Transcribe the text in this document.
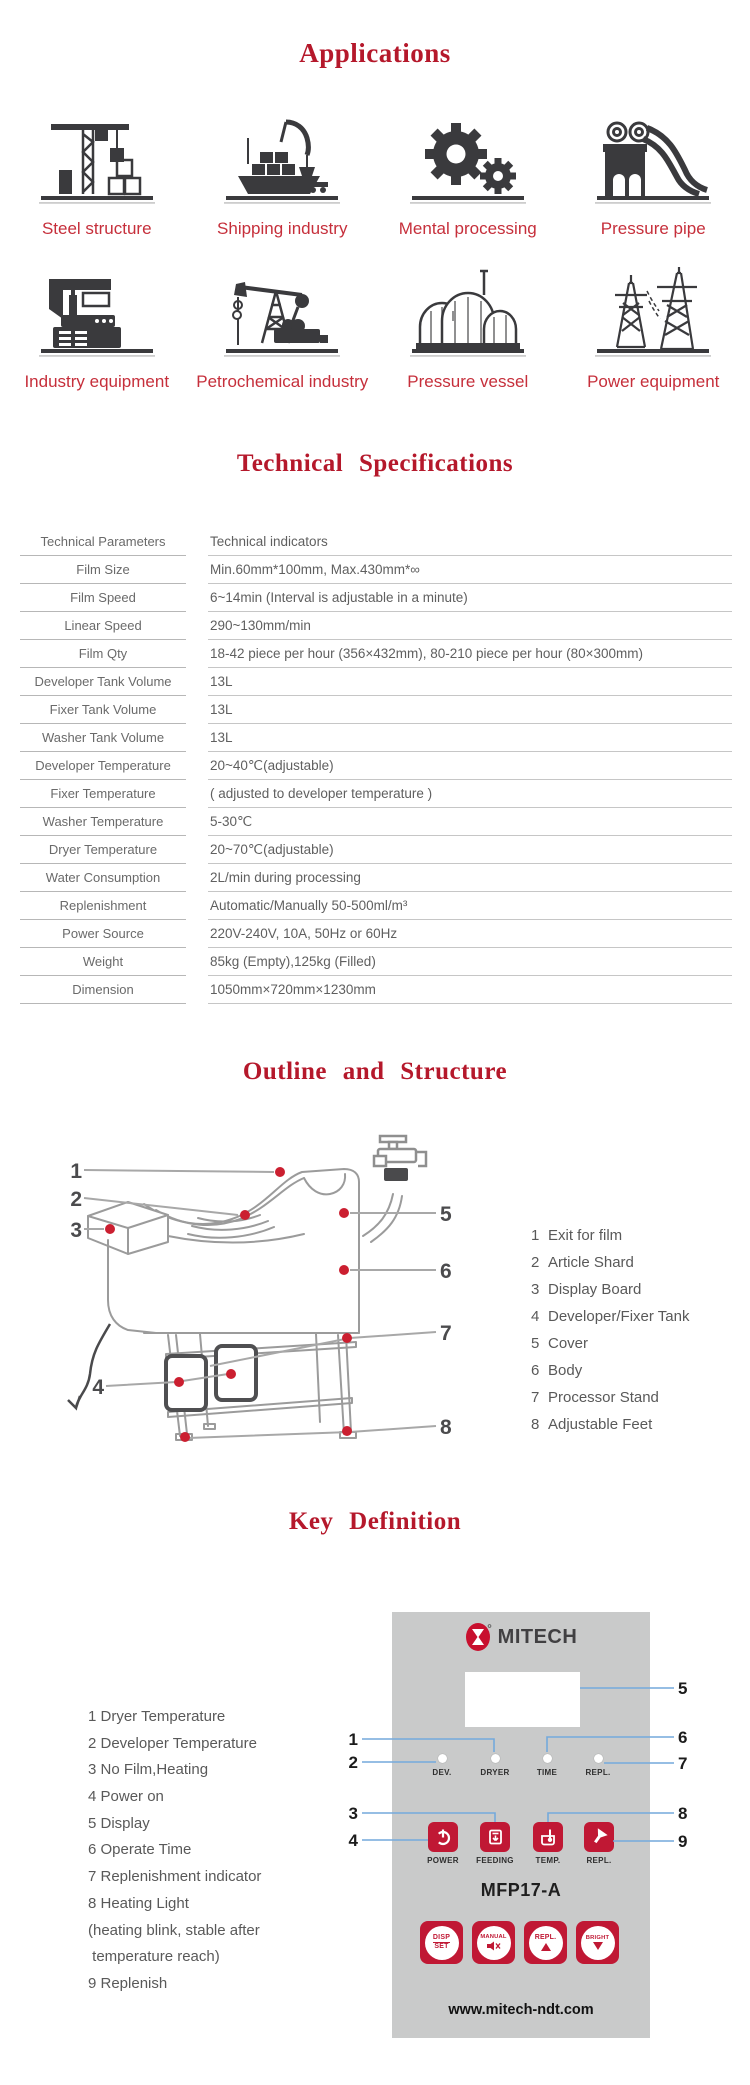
Applications
Steel structure	Shipping industry	Mental processing	Pressure pipe
Industry equipment Petrochemical industry Pressure vessel	Power equipment
Technical Specifications
Technical Parameters	Technical indicators
Film Size	Min.60mm*100mm, Max.430mm*∞
Film Speed	6~14min (Interval is adjustable in a minute)
Linear Speed	290~130mm/min
Film Qty	18-42 piece per hour (356×432mm), 80-210 piece per hour (80×300mm)
Developer Tank Volume	13L
Fixer Tank Volume	13L
Washer Tank Volume	13L
Developer Temperature	20~40℃(adjustable)
Fixer Temperature	( adjusted to developer temperature )
Washer Temperature	5-30℃
Dryer Temperature	20~70℃(adjustable)
Water Consumption	2L/min during processing
Replenishment	Automatic/Manually 50-500ml/m³
Power Source	220V-240V, 10A, 50Hz or 60Hz
Weight	85kg (Empty),125kg (Filled)
Dimension	1050mm×720mm×1230mm
Outline and Structure
1
2
3
4
5
6
7
8
1 Exit for film
2 Article Shard
3 Display Board
4 Developer/Fixer Tank
5 Cover
6 Body
7 Processor Stand
8 Adjustable Feet
Key Definition
1 Dryer Temperature
2 Developer Temperature
3 No Film,Heating
4 Power on
5 Display
6 Operate Time
7 Replenishment indicator
8 Heating Light
(heating blink, stable after
temperature reach)
9 Replenish
MITECH
DEV.	DRYER	TIME	REPL.
POWER	FEEDING	TEMP.	REPL.
MFP17-A
DISP
SET
MANUAL	REPL.	BRIGHT
www.mitech-ndt.com
1
2
3
4
5
6
7
8
9
